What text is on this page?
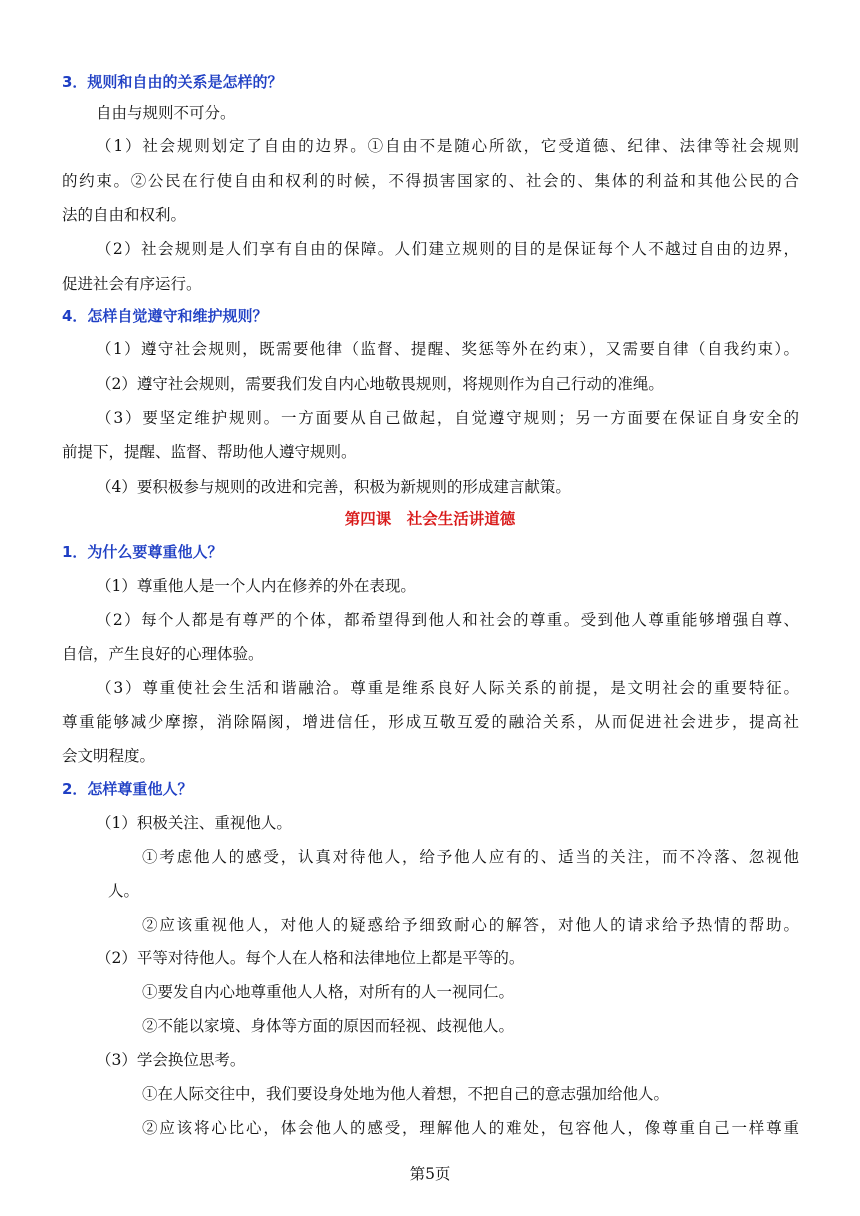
3．规则和自由的关系是怎样的？
自由与规则不可分。
（1）社会规则划定了自由的边界。①自由不是随心所欲，它受道德、纪律、法律等社会规则
的约束。②公民在行使自由和权利的时候，不得损害国家的、社会的、集体的利益和其他公民的合
法的自由和权利。
（2）社会规则是人们享有自由的保障。人们建立规则的目的是保证每个人不越过自由的边界，
促进社会有序运行。
4．怎样自觉遵守和维护规则？
（1）遵守社会规则，既需要他律（监督、提醒、奖惩等外在约束），又需要自律（自我约束）。
（2）遵守社会规则，需要我们发自内心地敬畏规则，将规则作为自己行动的准绳。
（3）要坚定维护规则。一方面要从自己做起，自觉遵守规则；另一方面要在保证自身安全的
前提下，提醒、监督、帮助他人遵守规则。
（4）要积极参与规则的改进和完善，积极为新规则的形成建言献策。
第四课　社会生活讲道德
1．为什么要尊重他人？
（1）尊重他人是一个人内在修养的外在表现。
（2）每个人都是有尊严的个体，都希望得到他人和社会的尊重。受到他人尊重能够增强自尊、
自信，产生良好的心理体验。
（3）尊重使社会生活和谐融洽。尊重是维系良好人际关系的前提，是文明社会的重要特征。
尊重能够减少摩擦，消除隔阂，增进信任，形成互敬互爱的融洽关系，从而促进社会进步，提高社
会文明程度。
2．怎样尊重他人？
（1）积极关注、重视他人。
①考虑他人的感受，认真对待他人，给予他人应有的、适当的关注，而不冷落、忽视他
人。
②应该重视他人，对他人的疑惑给予细致耐心的解答，对他人的请求给予热情的帮助。
（2）平等对待他人。每个人在人格和法律地位上都是平等的。
①要发自内心地尊重他人人格，对所有的人一视同仁。
②不能以家境、身体等方面的原因而轻视、歧视他人。
（3）学会换位思考。
①在人际交往中，我们要设身处地为他人着想，不把自己的意志强加给他人。
②应该将心比心，体会他人的感受，理解他人的难处，包容他人，像尊重自己一样尊重
第5页
